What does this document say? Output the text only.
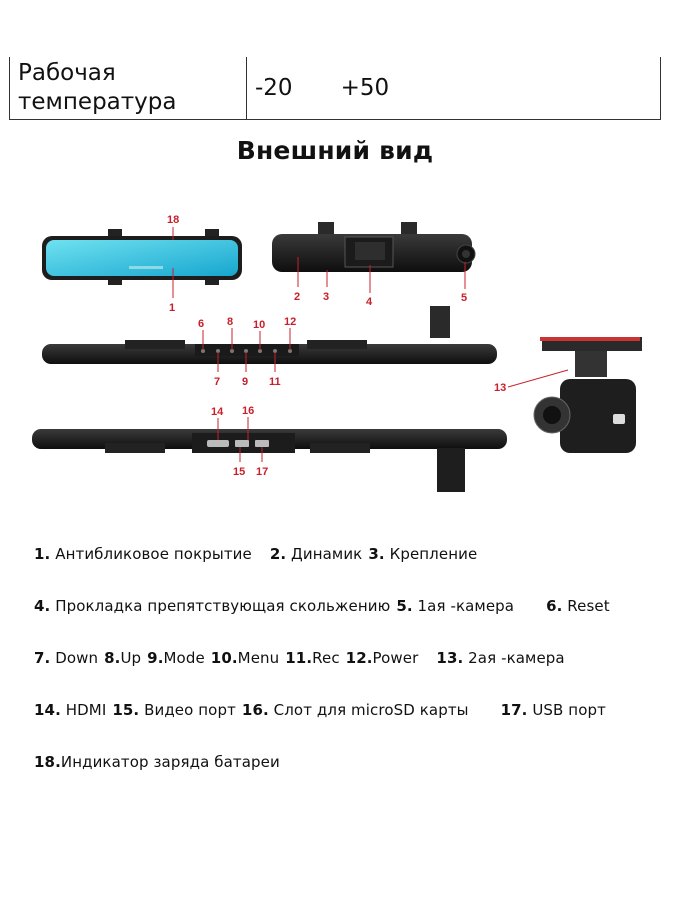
Рабочая
температура	-20 +50
Внешний вид
18
1
2 3	4	5
6 8 10 12
7 9 11	13
14 16
15 17
1. Антибликовое покрытие 2. Динамик 3. Крепление
4. Прокладка препятствующая скольжению 5. 1ая -камера 6. Reset
7. Down 8.Up 9.Mode 10.Menu 11.Rec 12.Power 13. 2ая -камера
14. HDMI 15. Видео порт 16. Слот для microSD карты 17. USB порт
18.Индикатор заряда батареи
